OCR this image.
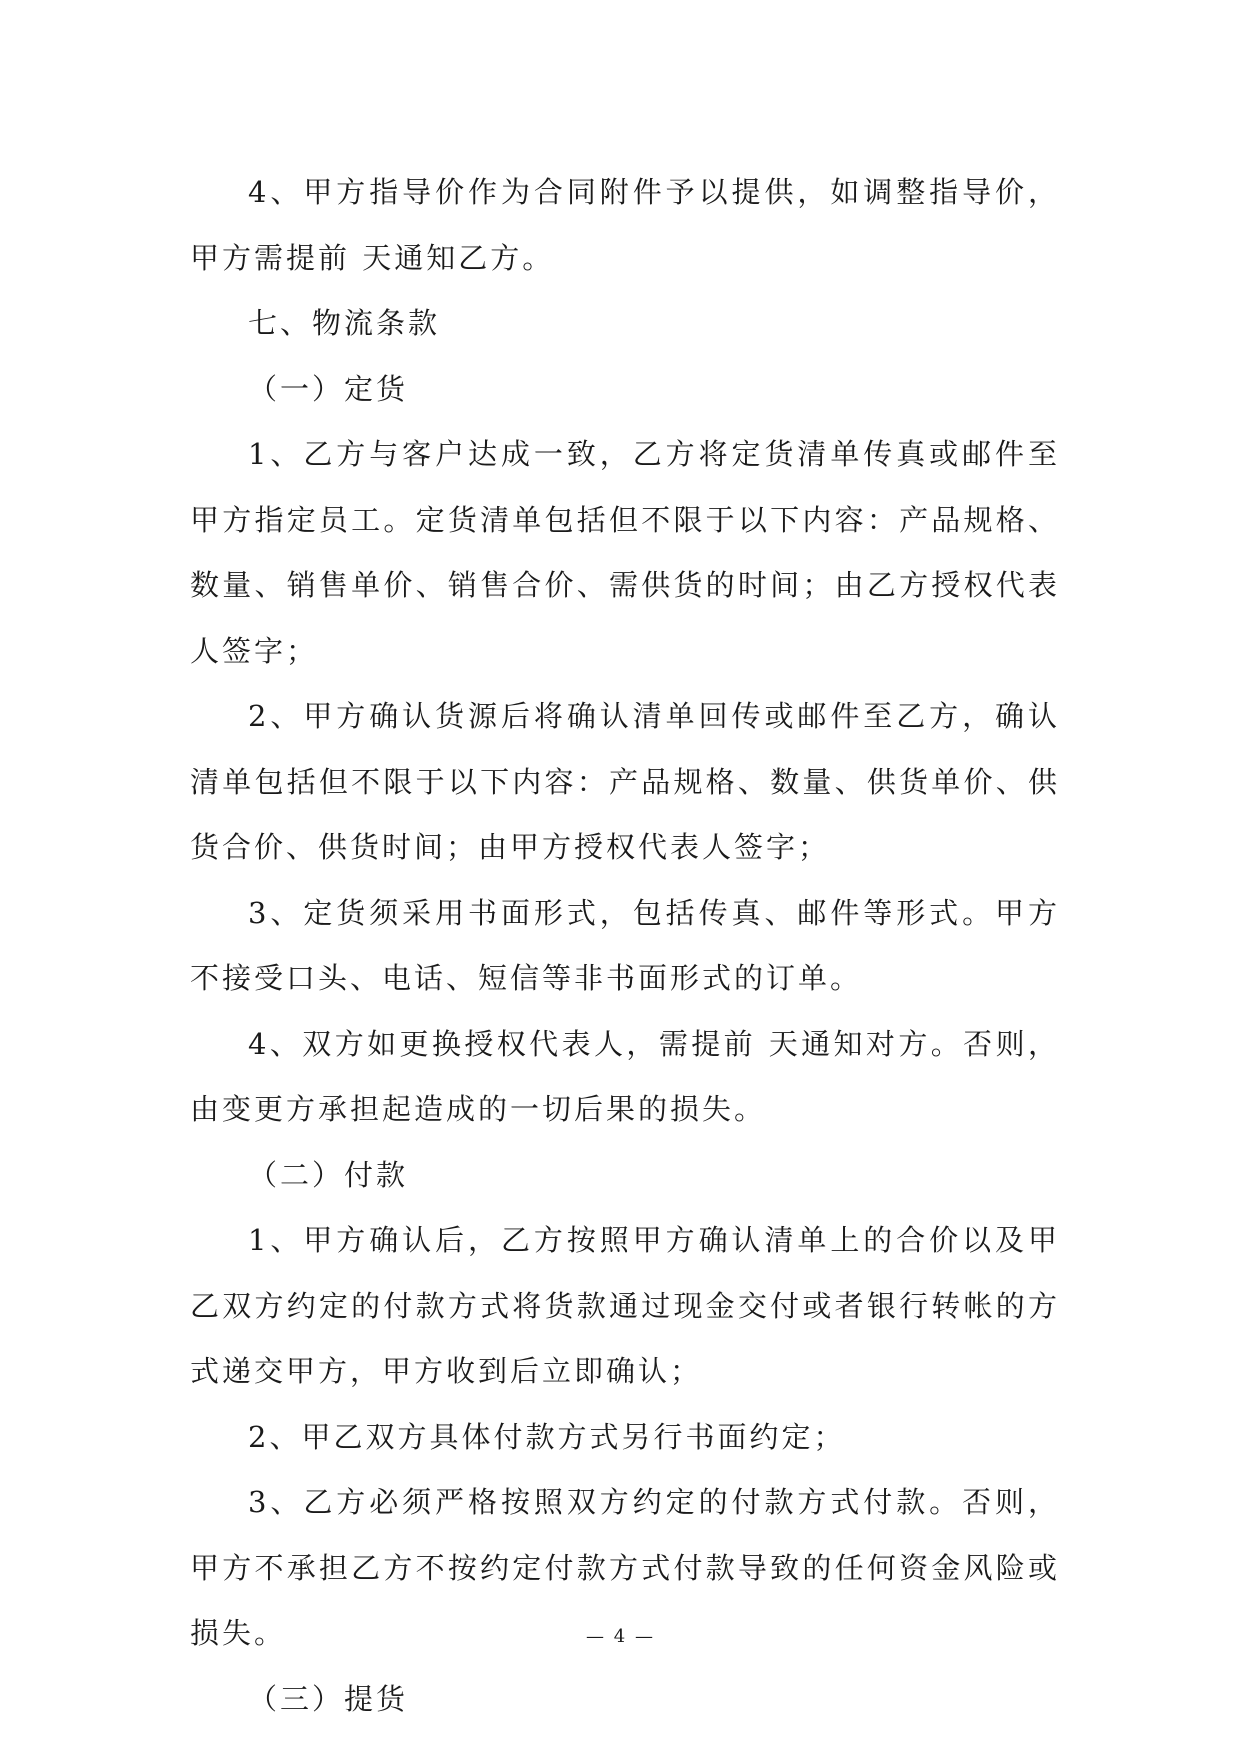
4、甲方指导价作为合同附件予以提供，如调整指导价，甲方需提前 天通知乙方。

七、物流条款

（一）定货

1、乙方与客户达成一致，乙方将定货清单传真或邮件至甲方指定员工。定货清单包括但不限于以下内容：产品规格、数量、销售单价、销售合价、需供货的时间；由乙方授权代表人签字；

2、甲方确认货源后将确认清单回传或邮件至乙方，确认清单包括但不限于以下内容：产品规格、数量、供货单价、供货合价、供货时间；由甲方授权代表人签字；

3、定货须采用书面形式，包括传真、邮件等形式。甲方不接受口头、电话、短信等非书面形式的订单。

4、双方如更换授权代表人，需提前 天通知对方。否则，由变更方承担起造成的一切后果的损失。

（二）付款

1、甲方确认后，乙方按照甲方确认清单上的合价以及甲乙双方约定的付款方式将货款通过现金交付或者银行转帐的方式递交甲方，甲方收到后立即确认；

2、甲乙双方具体付款方式另行书面约定；

3、乙方必须严格按照双方约定的付款方式付款。否则，甲方不承担乙方不按约定付款方式付款导致的任何资金风险或损失。

（三）提货

— 4 —
